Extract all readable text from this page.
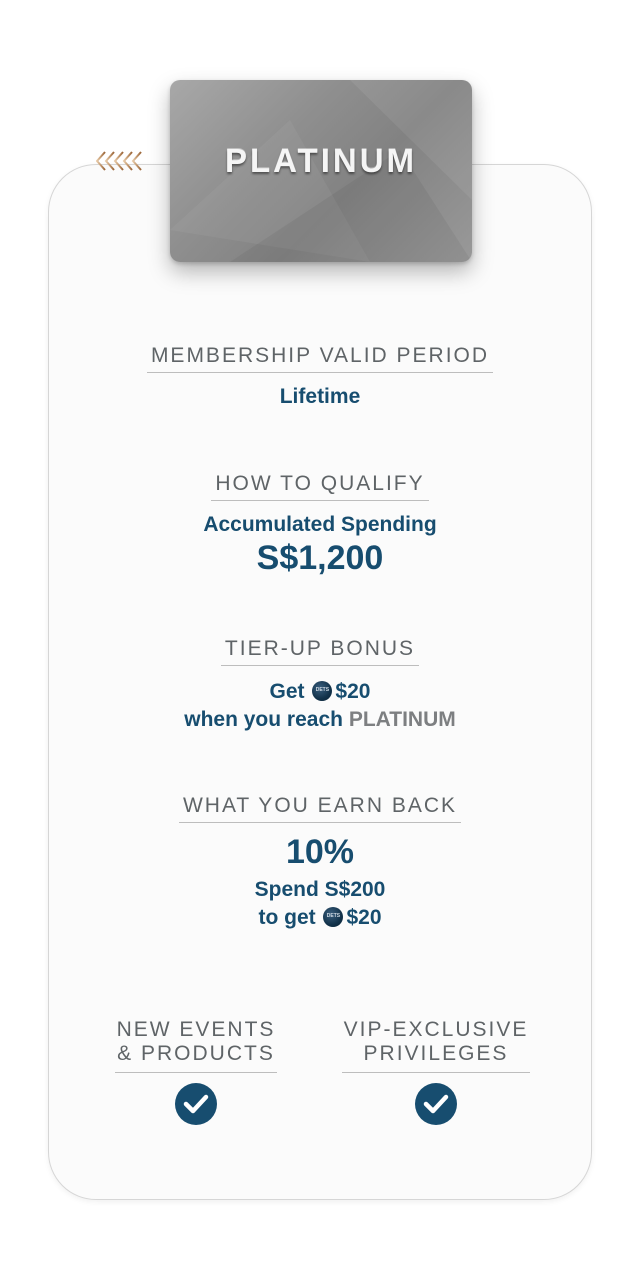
PLATINUM
MEMBERSHIP VALID PERIOD
Lifetime
HOW TO QUALIFY
Accumulated Spending
S$1,200
TIER-UP BONUS
Get	DETS $20
when you reach PLATINUM
WHAT YOU EARN BACK
10%
Spend S$200
to get	DETS $20
NEW EVENTS
& PRODUCTS
VIP-EXCLUSIVE
PRIVILEGES
